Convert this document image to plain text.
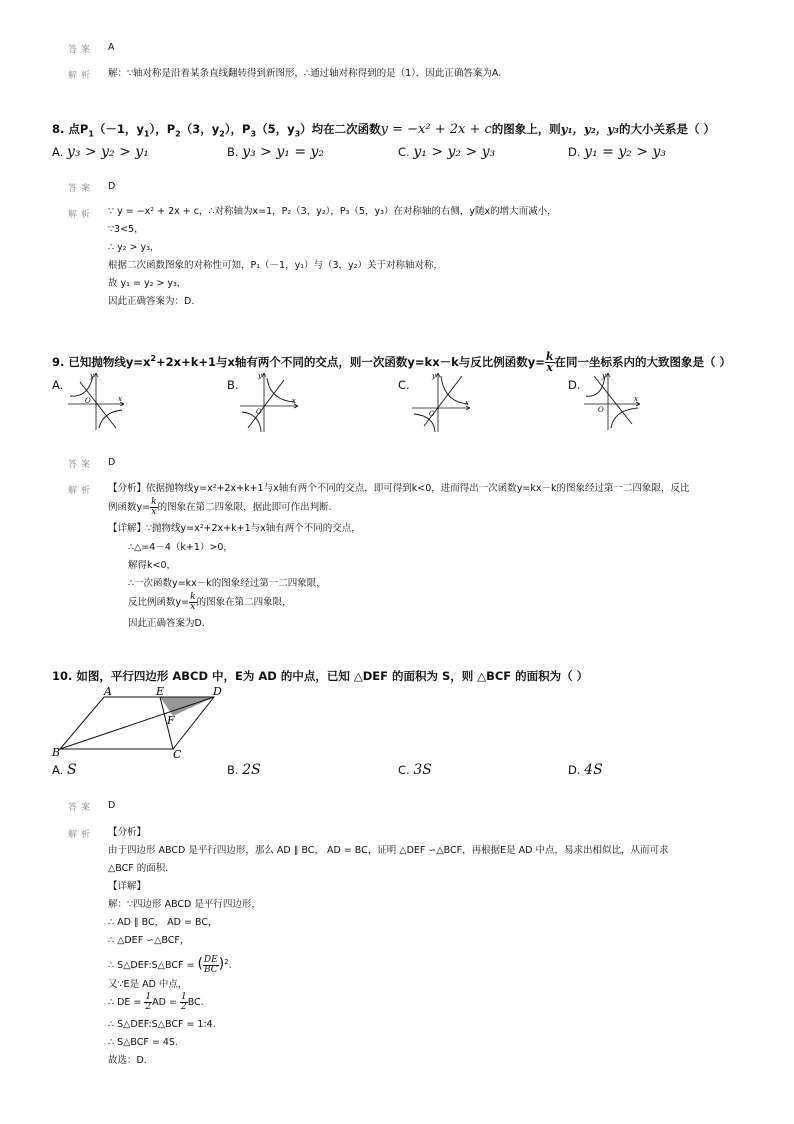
答案 A
解析 解：∵轴对称是沿着某条直线翻转得到新图形，∴通过轴对称得到的是（1）．因此正确答案为A.
8. 点$P_1(-1$，$y_1$），$P_2(3$，$y_2$），$P_3(5$，$y_3$）均在二次函数y = −x² + 2x + c的图象上，则y₁，y₂，y₃的大小关系是（ ）
A. y₃ > y₂ > y₁	B. y₃ > y₁ = y₂	C. y₁ > y₂ > y₃	D. y₁ = y₂ > y₃
答案 D
解析 ∵ y = −x² + 2x + c，∴对称轴为x=1，P₂（3，y₂），P₃（5，y₃）在对称轴的右侧，y随x的增大而减小，
∵3<5，
∴ y₂ > y₃，
根据二次函数图象的对称性可知，P₁（－1，y₁）与（3，y₂）关于对称轴对称，
故 y₁ = y₂ > y₃，
因此正确答案为：D.
9. 已知抛物线$y=x^2+2x+k+1$与x轴有两个不同的交点，则一次函数y=kx－k与反比例函数$y= \frac{k}{x}$ 在同一坐标系内的大致图象是（ ）
A.	B.	C.	D.
O	x
y
O
x
y
O
x
y
O
x
y
答案 D
解析 【分析】依据抛物线y=x²+2x+k+1与x轴有两个不同的交点，即可得到k<0，进而得出一次函数y=kx－k的图象经过第一二四象限，反比
例函数$y= \frac{k}{x}$ 的图象在第二四象限，据此即可作出判断.
【详解】∵抛物线y=x²+2x+k+1与x轴有两个不同的交点，
∴△=4－4（k+1）>0，
解得k<0，
∴一次函数y=kx－k的图象经过第一二四象限，
反比例函数$y= \frac{k}{x}$ 的图象在第二四象限，
因此正确答案为D.
10. 如图，平行四边形 ABCD 中，E为 AD 的中点，已知 △DEF 的面积为 S，则 △BCF 的面积为（ ）
A	E	D
F
B	C
A. S	B. 2S	C. 3S	D. 4S
答案 D
解析 【分析】
由于四边形 ABCD 是平行四边形，那么 AD ∥ BC， AD = BC，证明 △DEF ∽△BCF，再根据E是 AD 中点，易求出相似比，从而可求
△BCF 的面积.
【详解】
解：∵四边形 ABCD 是平行四边形，
∴ AD ∥ BC， AD = BC，
∴ △DEF ∽△BCF，
∴ S△DEF:S△BCF = ( $\frac{DE}{BC} )^2$.
又∵E是 AD 中点，
∴ DE = $\frac{1}{2}$ AD = $\frac{1}{2}$ BC.
∴ S△DEF:S△BCF = 1:4.
∴ S△BCF = 4S.
故选：D.
